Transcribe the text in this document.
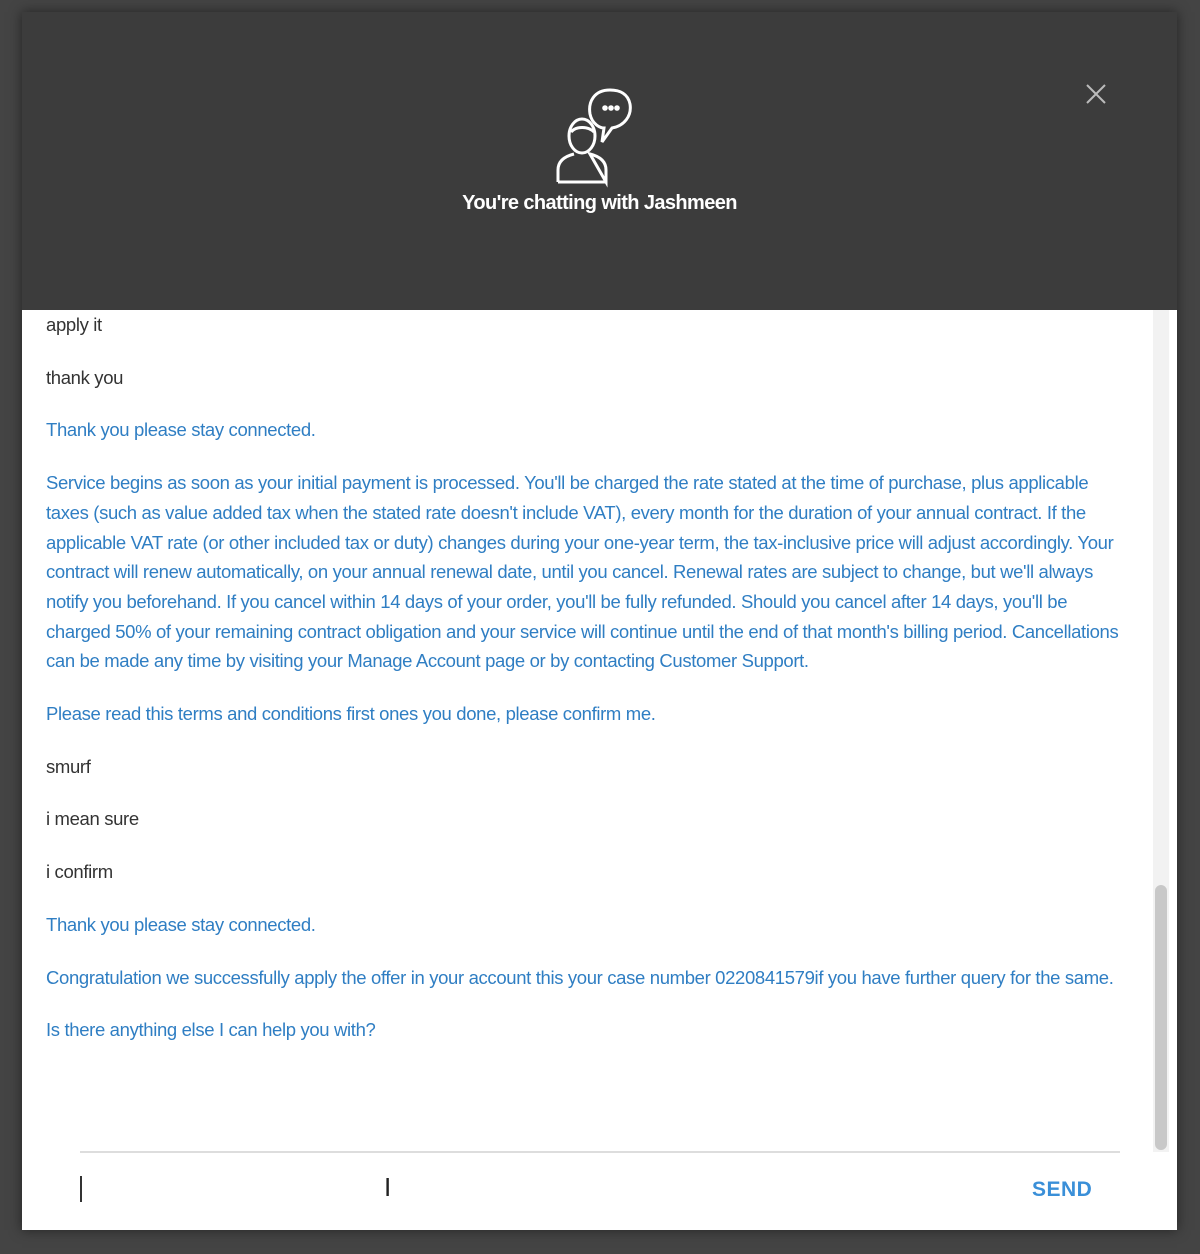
You're chatting with Jashmeen

apply it

thank you

Thank you please stay connected.

Service begins as soon as your initial payment is processed. You'll be charged the rate stated at the time of purchase, plus applicable taxes (such as value added tax when the stated rate doesn't include VAT), every month for the duration of your annual contract. If the applicable VAT rate (or other included tax or duty) changes during your one-year term, the tax-inclusive price will adjust accordingly. Your contract will renew automatically, on your annual renewal date, until you cancel. Renewal rates are subject to change, but we'll always notify you beforehand. If you cancel within 14 days of your order, you'll be fully refunded. Should you cancel after 14 days, you'll be charged 50% of your remaining contract obligation and your service will continue until the end of that month's billing period. Cancellations can be made any time by visiting your Manage Account page or by contacting Customer Support.

Please read this terms and conditions first ones you done, please confirm me.

smurf

i mean sure

i confirm

Thank you please stay connected.

Congratulation we successfully apply the offer in your account this your case number 0220841579if you have further query for the same.

Is there anything else I can help you with?

I	SEND
